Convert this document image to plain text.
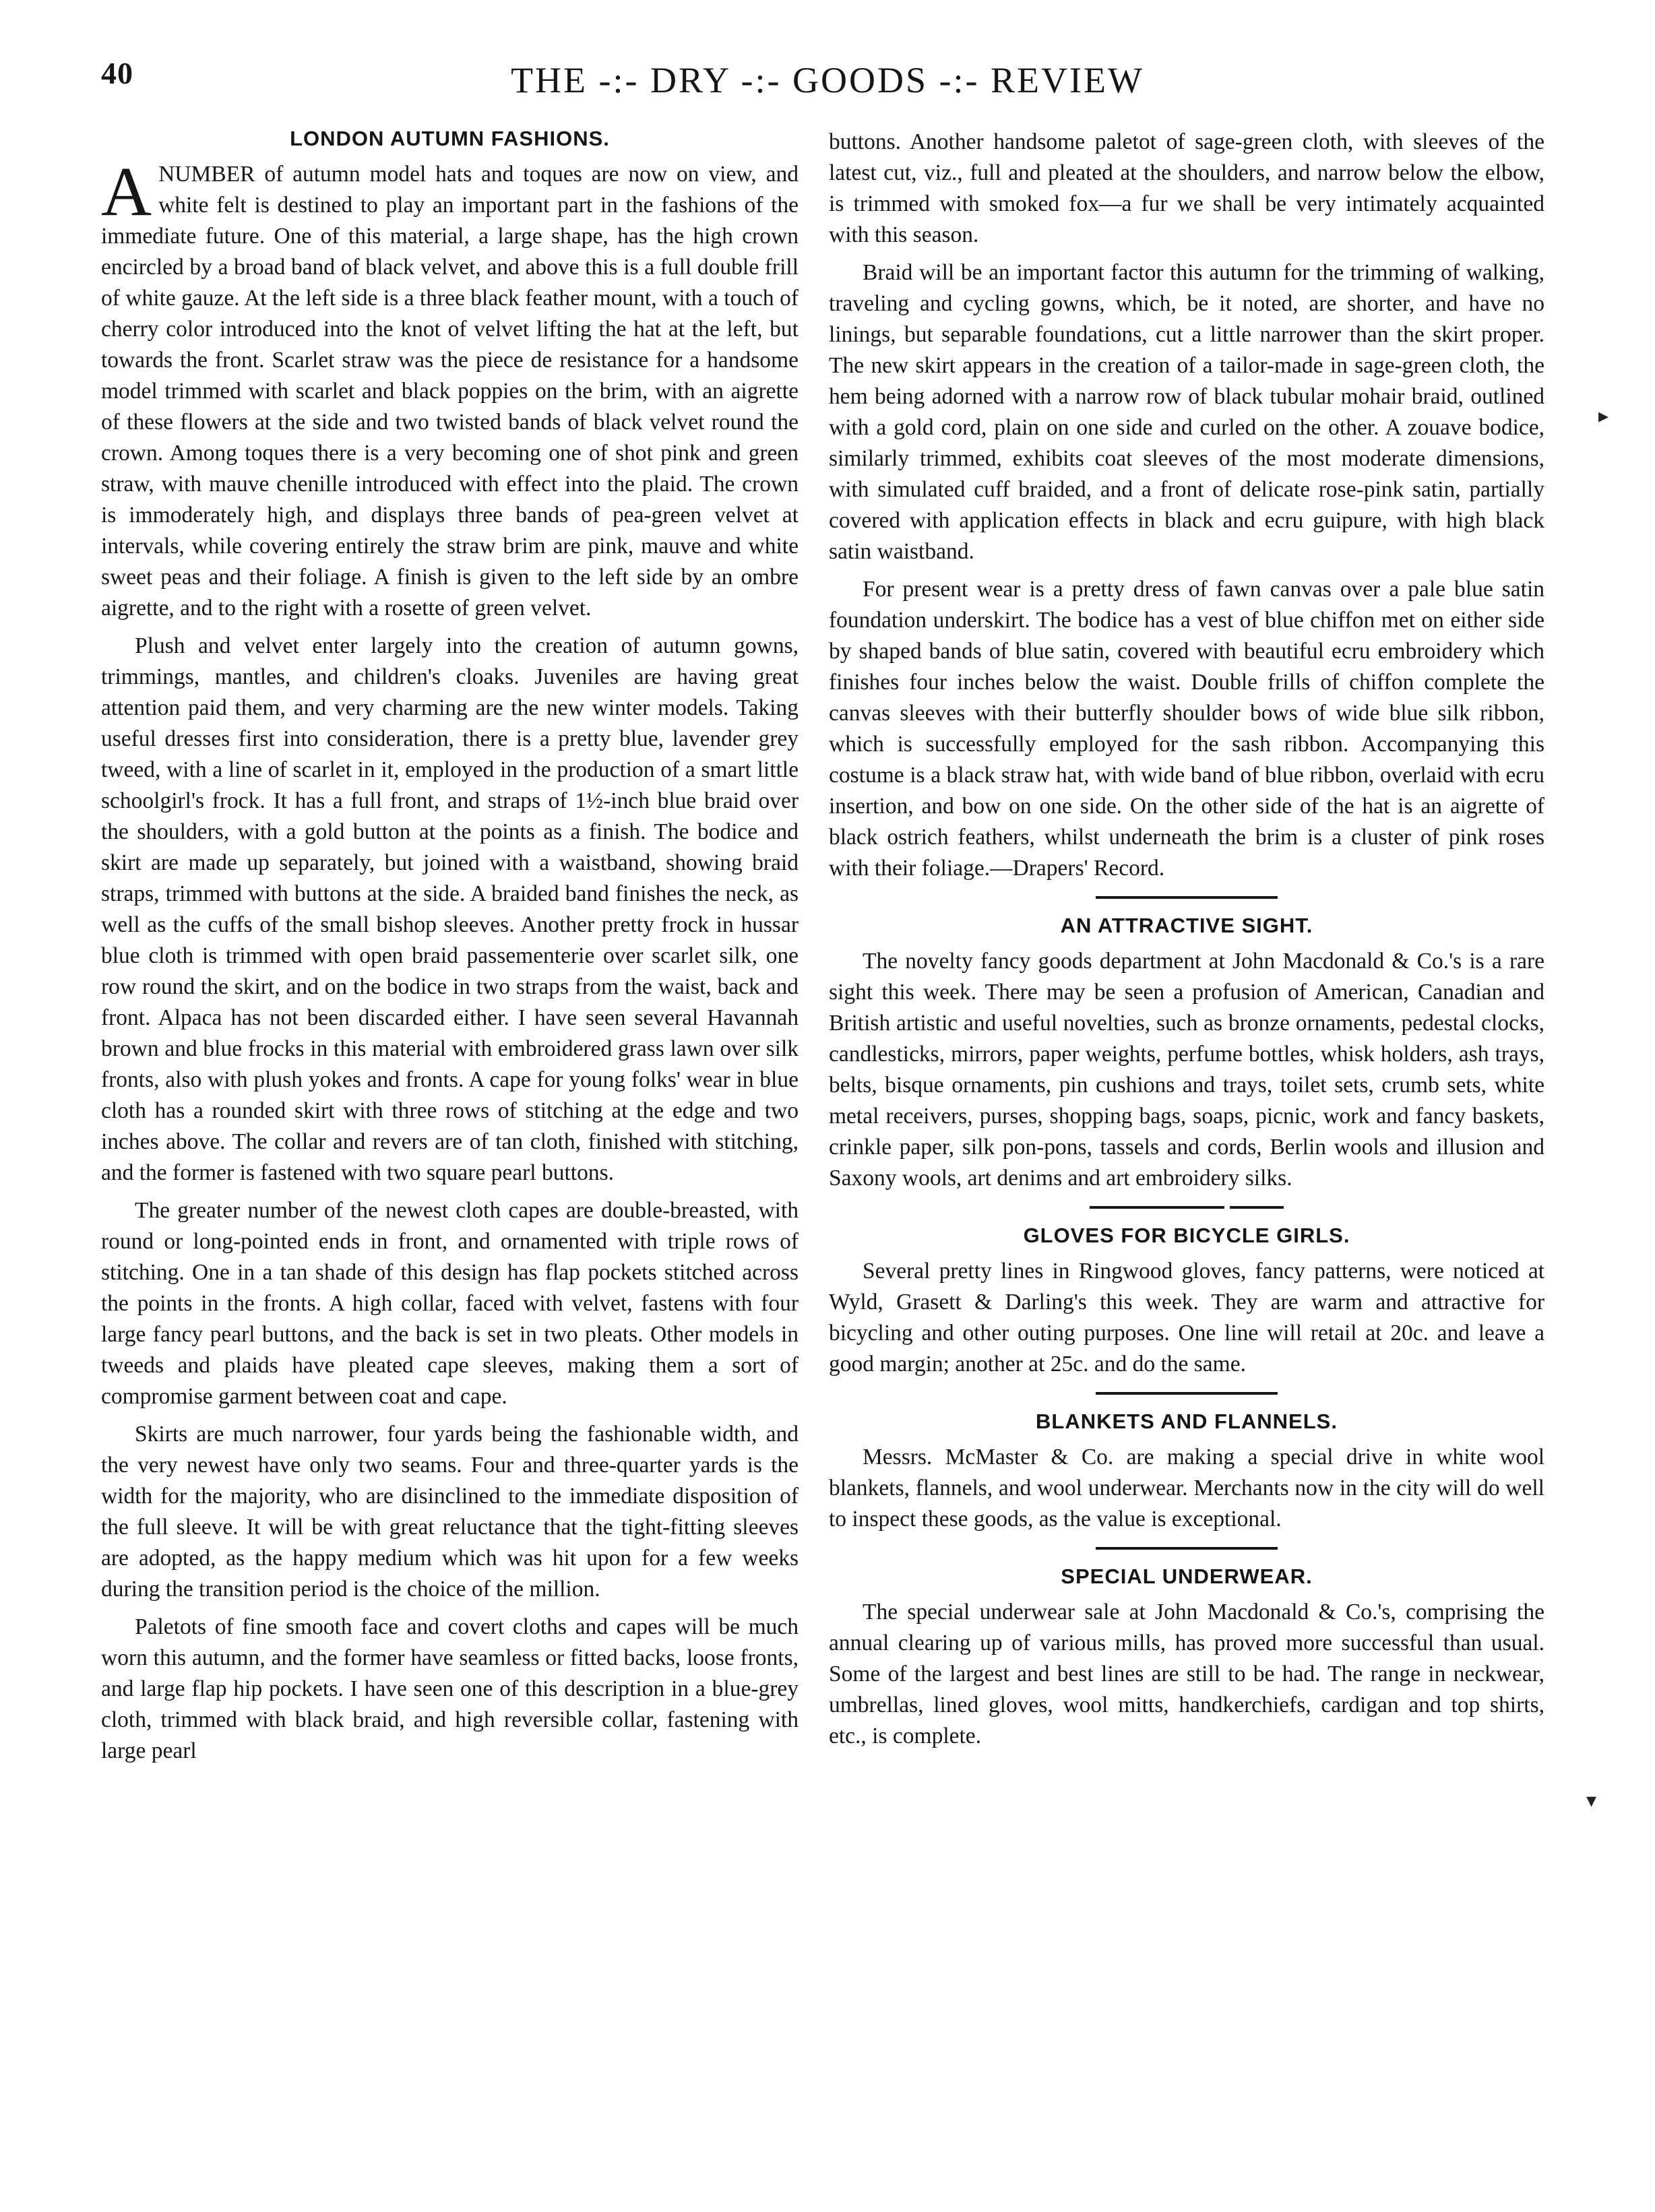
40	THE -:- DRY -:- GOODS -:- REVIEW
LONDON AUTUMN FASHIONS.

ANUMBER of autumn model hats and toques are now on view, and white felt is destined to play an important part in the fashions of the immediate future. One of this material, a large shape, has the high crown encircled by a broad band of black velvet, and above this is a full double frill of white gauze. At the left side is a three black feather mount, with a touch of cherry color introduced into the knot of velvet lifting the hat at the left, but towards the front. Scarlet straw was the piece de resistance for a handsome model trimmed with scarlet and black poppies on the brim, with an aigrette of these flowers at the side and two twisted bands of black velvet round the crown. Among toques there is a very becoming one of shot pink and green straw, with mauve chenille introduced with effect into the plaid. The crown is immoderately high, and displays three bands of pea-green velvet at intervals, while covering entirely the straw brim are pink, mauve and white sweet peas and their foliage. A finish is given to the left side by an ombre aigrette, and to the right with a rosette of green velvet.

Plush and velvet enter largely into the creation of autumn gowns, trimmings, mantles, and children's cloaks. Juveniles are having great attention paid them, and very charming are the new winter models. Taking useful dresses first into consideration, there is a pretty blue, lavender grey tweed, with a line of scarlet in it, employed in the production of a smart little schoolgirl's frock. It has a full front, and straps of 1½-inch blue braid over the shoulders, with a gold button at the points as a finish. The bodice and skirt are made up separately, but joined with a waistband, showing braid straps, trimmed with buttons at the side. A braided band finishes the neck, as well as the cuffs of the small bishop sleeves. Another pretty frock in hussar blue cloth is trimmed with open braid passementerie over scarlet silk, one row round the skirt, and on the bodice in two straps from the waist, back and front. Alpaca has not been discarded either. I have seen several Havannah brown and blue frocks in this material with embroidered grass lawn over silk fronts, also with plush yokes and fronts. A cape for young folks' wear in blue cloth has a rounded skirt with three rows of stitching at the edge and two inches above. The collar and revers are of tan cloth, finished with stitching, and the former is fastened with two square pearl buttons.

The greater number of the newest cloth capes are double-breasted, with round or long-pointed ends in front, and ornamented with triple rows of stitching. One in a tan shade of this design has flap pockets stitched across the points in the fronts. A high collar, faced with velvet, fastens with four large fancy pearl buttons, and the back is set in two pleats. Other models in tweeds and plaids have pleated cape sleeves, making them a sort of compromise garment between coat and cape.

Skirts are much narrower, four yards being the fashionable width, and the very newest have only two seams. Four and three-quarter yards is the width for the majority, who are disinclined to the immediate disposition of the full sleeve. It will be with great reluctance that the tight-fitting sleeves are adopted, as the happy medium which was hit upon for a few weeks during the transition period is the choice of the million.

Paletots of fine smooth face and covert cloths and capes will be much worn this autumn, and the former have seamless or fitted backs, loose fronts, and large flap hip pockets. I have seen one of this description in a blue-grey cloth, trimmed with black braid, and high reversible collar, fastening with large pearl

buttons. Another handsome paletot of sage-green cloth, with sleeves of the latest cut, viz., full and pleated at the shoulders, and narrow below the elbow, is trimmed with smoked fox—a fur we shall be very intimately acquainted with this season.

Braid will be an important factor this autumn for the trimming of walking, traveling and cycling gowns, which, be it noted, are shorter, and have no linings, but separable foundations, cut a little narrower than the skirt proper. The new skirt appears in the creation of a tailor-made in sage-green cloth, the hem being adorned with a narrow row of black tubular mohair braid, outlined with a gold cord, plain on one side and curled on the other. A zouave bodice, similarly trimmed, exhibits coat sleeves of the most moderate dimensions, with simulated cuff braided, and a front of delicate rose-pink satin, partially covered with application effects in black and ecru guipure, with high black satin waistband.

For present wear is a pretty dress of fawn canvas over a pale blue satin foundation underskirt. The bodice has a vest of blue chiffon met on either side by shaped bands of blue satin, covered with beautiful ecru embroidery which finishes four inches below the waist. Double frills of chiffon complete the canvas sleeves with their butterfly shoulder bows of wide blue silk ribbon, which is successfully employed for the sash ribbon. Accompanying this costume is a black straw hat, with wide band of blue ribbon, overlaid with ecru insertion, and bow on one side. On the other side of the hat is an aigrette of black ostrich feathers, whilst underneath the brim is a cluster of pink roses with their foliage.—Drapers' Record.

AN ATTRACTIVE SIGHT.

The novelty fancy goods department at John Macdonald & Co.'s is a rare sight this week. There may be seen a profusion of American, Canadian and British artistic and useful novelties, such as bronze ornaments, pedestal clocks, candlesticks, mirrors, paper weights, perfume bottles, whisk holders, ash trays, belts, bisque ornaments, pin cushions and trays, toilet sets, crumb sets, white metal receivers, purses, shopping bags, soaps, picnic, work and fancy baskets, crinkle paper, silk pon-pons, tassels and cords, Berlin wools and illusion and Saxony wools, art denims and art embroidery silks.

GLOVES FOR BICYCLE GIRLS.

Several pretty lines in Ringwood gloves, fancy patterns, were noticed at Wyld, Grasett & Darling's this week. They are warm and attractive for bicycling and other outing purposes. One line will retail at 20c. and leave a good margin; another at 25c. and do the same.

BLANKETS AND FLANNELS.

Messrs. McMaster & Co. are making a special drive in white wool blankets, flannels, and wool underwear. Merchants now in the city will do well to inspect these goods, as the value is exceptional.

SPECIAL UNDERWEAR.

The special underwear sale at John Macdonald & Co.'s, comprising the annual clearing up of various mills, has proved more successful than usual. Some of the largest and best lines are still to be had. The range in neckwear, umbrellas, lined gloves, wool mitts, handkerchiefs, cardigan and top shirts, etc., is complete.

▸
▾
